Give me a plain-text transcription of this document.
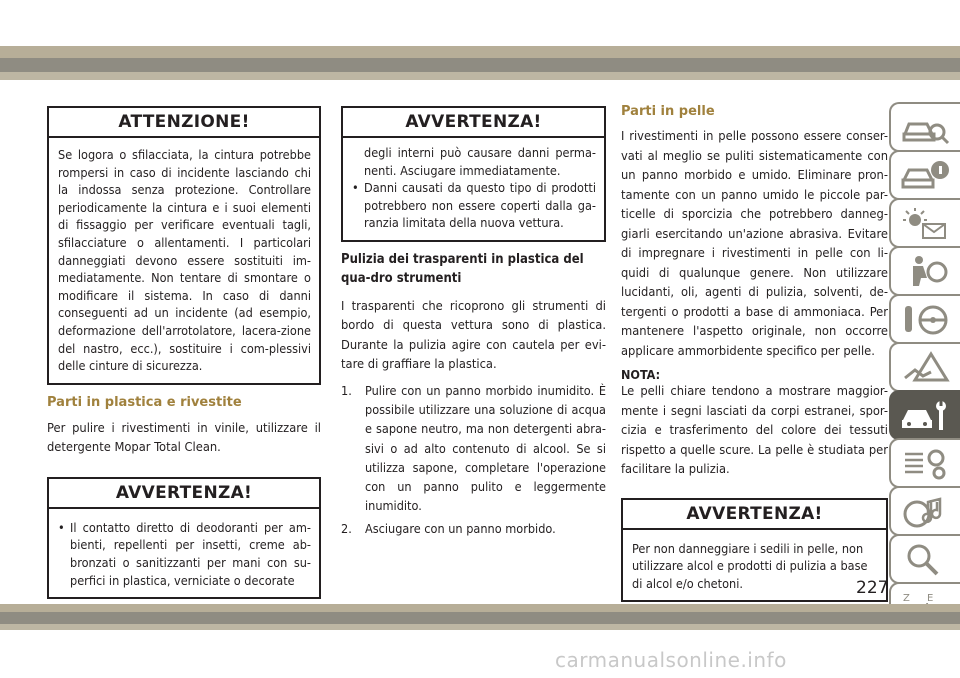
ATTENZIONE!
Se logora o sfilacciata, la cintura potrebbe rompersi in caso di incidente lasciando chi la indossa senza protezione. Controllare periodicamente la cintura e i suoi elementi di fissaggio per verificare eventuali tagli, sfilacciature o allentamenti. I particolari danneggiati devono essere sostituiti im-mediatamente. Non tentare di smontare o modificare il sistema. In caso di danni conseguenti ad un incidente (ad esempio, deformazione dell'arrotolatore, lacera-zione del nastro, ecc.), sostituire i com-plessivi delle cinture di sicurezza.
Parti in plastica e rivestite
Per pulire i rivestimenti in vinile, utilizzare il detergente Mopar Total Clean.
AVVERTENZA!
• Il contatto diretto di deodoranti per am-bienti, repellenti per insetti, creme ab-bronzati o sanitizzanti per mani con su-perfici in plastica, verniciate o decorate
AVVERTENZA!
degli interni può causare danni perma-nenti. Asciugare immediatamente.
• Danni causati da questo tipo di prodotti potrebbero non essere coperti dalla ga-ranzia limitata della nuova vettura.
Pulizia dei trasparenti in plastica del qua-dro strumenti
I trasparenti che ricoprono gli strumenti di bordo di questa vettura sono di plastica. Durante la pulizia agire con cautela per evi-tare di graffiare la plastica.
1. Pulire con un panno morbido inumidito. È possibile utilizzare una soluzione di acqua e sapone neutro, ma non detergenti abra-sivi o ad alto contenuto di alcool. Se si utilizza sapone, completare l'operazione con un panno pulito e leggermente inumidito.
2. Asciugare con un panno morbido.
Parti in pelle
I rivestimenti in pelle possono essere conser-vati al meglio se puliti sistematicamente con un panno morbido e umido. Eliminare pron-tamente con un panno umido le piccole par-ticelle di sporcizia che potrebbero danneg-giarli esercitando un'azione abrasiva. Evitare di impregnare i rivestimenti in pelle con li-quidi di qualunque genere. Non utilizzare lucidanti, oli, agenti di pulizia, solventi, de-tergenti o prodotti a base di ammoniaca. Per mantenere l'aspetto originale, non occorre applicare ammorbidente specifico per pelle.
NOTA:
Le pelli chiare tendono a mostrare maggior-mente i segni lasciati da corpi estranei, spor-cizia e trasferimento del colore dei tessuti rispetto a quelle scure. La pelle è studiata per facilitare la pulizia.
AVVERTENZA!
Per non danneggiare i sedili in pelle, non utilizzare alcol e prodotti di pulizia a base di alcol e/o chetoni.
Z E
227
carmanualsonline.info
